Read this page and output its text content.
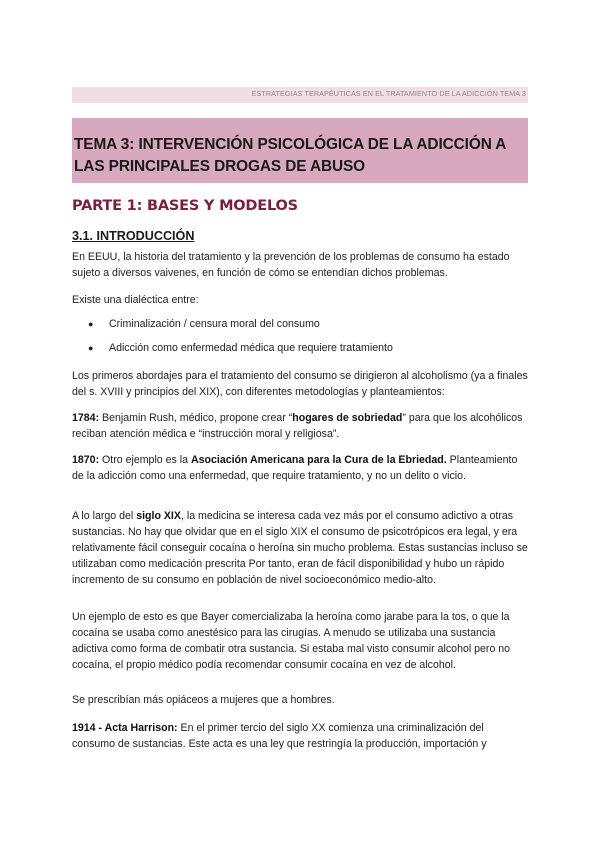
ESTRATEGIAS TERAPÉUTICAS EN EL TRATAMIENTO DE LA ADICCIÓN TEMA 3
TEMA 3: INTERVENCIÓN PSICOLÓGICA DE LA ADICCIÓN A LAS PRINCIPALES DROGAS DE ABUSO
PARTE 1: BASES Y MODELOS
3.1. INTRODUCCIÓN
En EEUU, la historia del tratamiento y la prevención de los problemas de consumo ha estado sujeto a diversos vaivenes, en función de cómo se entendían dichos problemas.
Existe una dialéctica entre:
● Criminalización / censura moral del consumo
● Adicción como enfermedad médica que requiere tratamiento
Los primeros abordajes para el tratamiento del consumo se dirigieron al alcoholismo (ya a finales del s. XVIII y principios del XIX), con diferentes metodologías y planteamientos:
1784: Benjamin Rush, médico, propone crear “hogares de sobriedad” para que los alcohólicos reciban atención médica e “instrucción moral y religiosa”.
1870: Otro ejemplo es la Asociación Americana para la Cura de la Ebriedad. Planteamiento de la adicción como una enfermedad, que require tratamiento, y no un delito o vicio.
A lo largo del siglo XIX, la medicina se interesa cada vez más por el consumo adictivo a otras sustancias. No hay que olvidar que en el siglo XIX el consumo de psicotrópicos era legal, y era relativamente fácil conseguir cocaína o heroína sin mucho problema. Estas sustancias incluso se utilizaban como medicación prescrita Por tanto, eran de fácil disponibilidad y hubo un rápido incremento de su consumo en población de nivel socioeconómico medio-alto.
Un ejemplo de esto es que Bayer comercializaba la heroína como jarabe para la tos, o que la cocaína se usaba como anestésico para las cirugías. A menudo se utilizaba una sustancia adictiva como forma de combatir otra sustancia. Si estaba mal visto consumir alcohol pero no cocaína, el propio médico podía recomendar consumir cocaína en vez de alcohol.
Se prescribían más opiáceos a mujeres que a hombres.
1914 - Acta Harrison: En el primer tercio del siglo XX comienza una criminalización del consumo de sustancias. Este acta es una ley que restringía la producción, importación y
